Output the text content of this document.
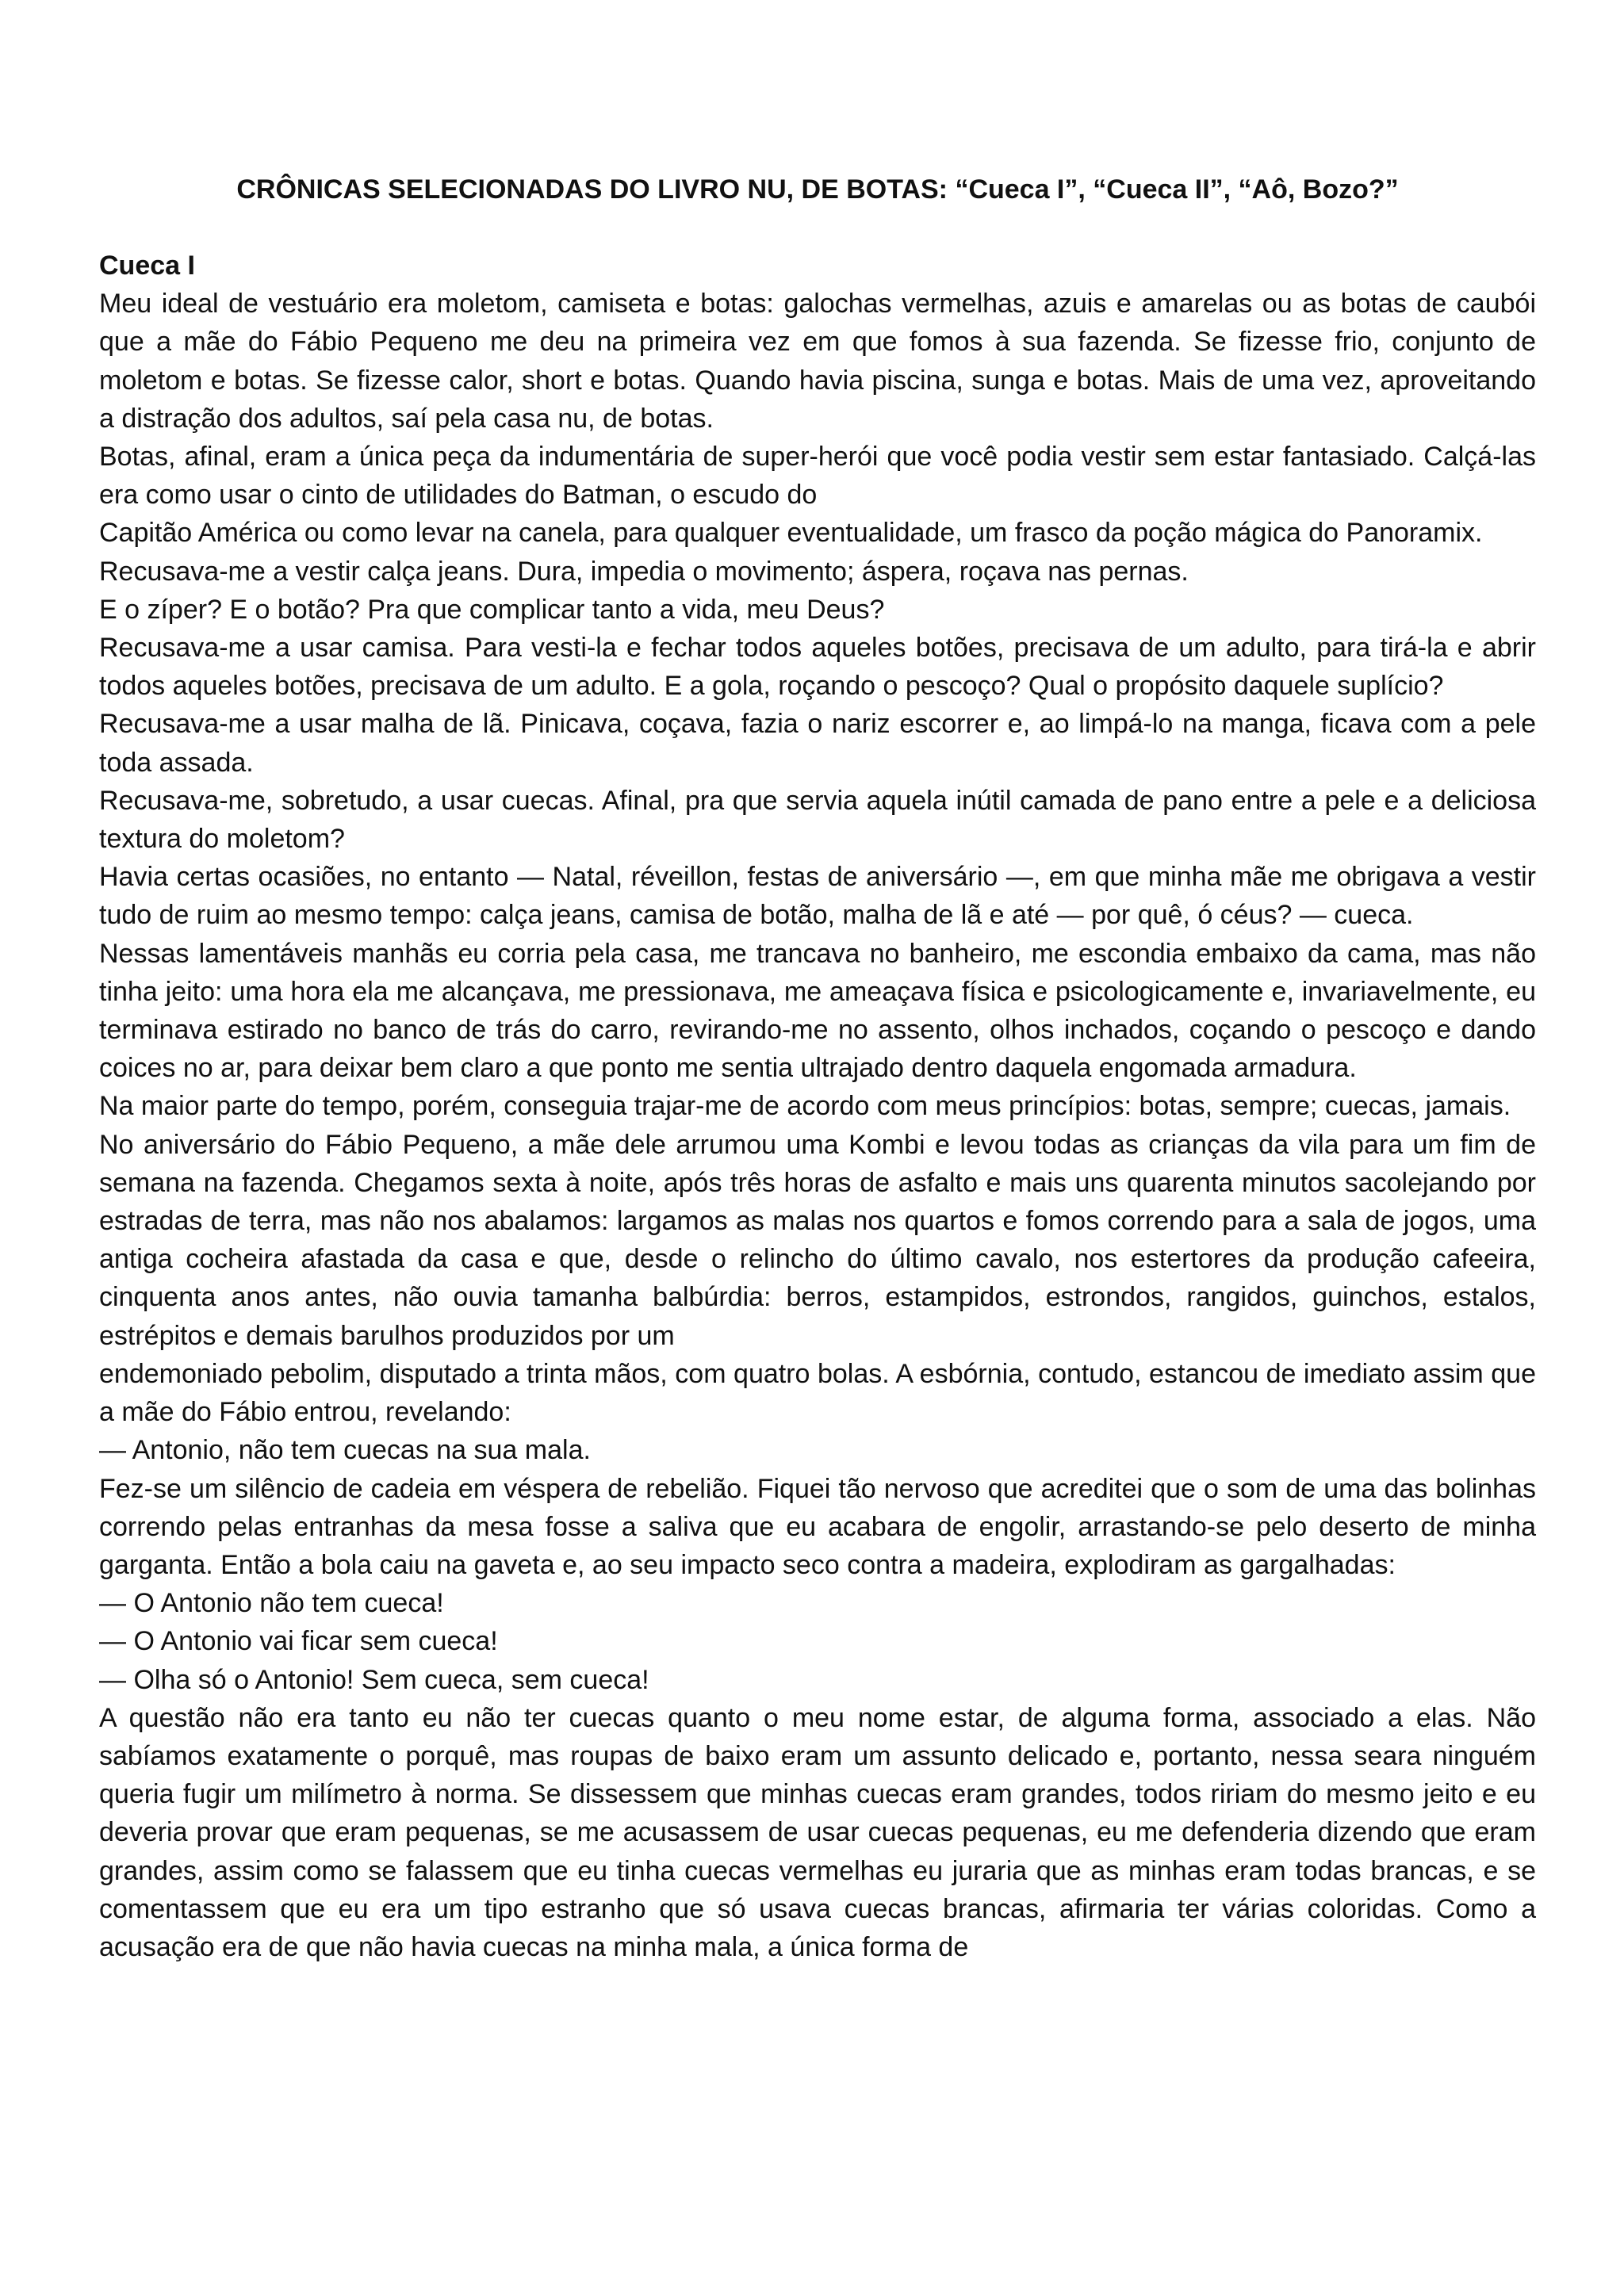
CRÔNICAS SELECIONADAS DO LIVRO NU, DE BOTAS: “Cueca I”, “Cueca II”, “Aô, Bozo?”

Cueca I

Meu ideal de vestuário era moletom, camiseta e botas: galochas vermelhas, azuis e amarelas ou as botas de caubói que a mãe do Fábio Pequeno me deu na primeira vez em que fomos à sua fazenda. Se fizesse frio, conjunto de moletom e botas. Se fizesse calor, short e botas. Quando havia piscina, sunga e botas. Mais de uma vez, aproveitando a distração dos adultos, saí pela casa nu, de botas.

Botas, afinal, eram a única peça da indumentária de super-herói que você podia vestir sem estar fantasiado. Calçá-las era como usar o cinto de utilidades do Batman, o escudo do

Capitão América ou como levar na canela, para qualquer eventualidade, um frasco da poção mágica do Panoramix.

Recusava-me a vestir calça jeans. Dura, impedia o movimento; áspera, roçava nas pernas.

E o zíper? E o botão? Pra que complicar tanto a vida, meu Deus?

Recusava-me a usar camisa. Para vesti-la e fechar todos aqueles botões, precisava de um adulto, para tirá-la e abrir todos aqueles botões, precisava de um adulto. E a gola, roçando o pescoço? Qual o propósito daquele suplício?

Recusava-me a usar malha de lã. Pinicava, coçava, fazia o nariz escorrer e, ao limpá-lo na manga, ficava com a pele toda assada.

Recusava-me, sobretudo, a usar cuecas. Afinal, pra que servia aquela inútil camada de pano entre a pele e a deliciosa textura do moletom?

Havia certas ocasiões, no entanto — Natal, réveillon, festas de aniversário —, em que minha mãe me obrigava a vestir tudo de ruim ao mesmo tempo: calça jeans, camisa de botão, malha de lã e até — por quê, ó céus? — cueca.

Nessas lamentáveis manhãs eu corria pela casa, me trancava no banheiro, me escondia embaixo da cama, mas não tinha jeito: uma hora ela me alcançava, me pressionava, me ameaçava física e psicologicamente e, invariavelmente, eu terminava estirado no banco de trás do carro, revirando-me no assento, olhos inchados, coçando o pescoço e dando coices no ar, para deixar bem claro a que ponto me sentia ultrajado dentro daquela engomada armadura.

Na maior parte do tempo, porém, conseguia trajar-me de acordo com meus princípios: botas, sempre; cuecas, jamais.

No aniversário do Fábio Pequeno, a mãe dele arrumou uma Kombi e levou todas as crianças da vila para um fim de semana na fazenda. Chegamos sexta à noite, após três horas de asfalto e mais uns quarenta minutos sacolejando por estradas de terra, mas não nos abalamos: largamos as malas nos quartos e fomos correndo para a sala de jogos, uma antiga cocheira afastada da casa e que, desde o relincho do último cavalo, nos estertores da produção cafeeira, cinquenta anos antes, não ouvia tamanha balbúrdia: berros, estampidos, estrondos, rangidos, guinchos, estalos, estrépitos e demais barulhos produzidos por um

endemoniado pebolim, disputado a trinta mãos, com quatro bolas. A esbórnia, contudo, estancou de imediato assim que a mãe do Fábio entrou, revelando:

— Antonio, não tem cuecas na sua mala.

Fez-se um silêncio de cadeia em véspera de rebelião. Fiquei tão nervoso que acreditei que o som de uma das bolinhas correndo pelas entranhas da mesa fosse a saliva que eu acabara de engolir, arrastando-se pelo deserto de minha garganta. Então a bola caiu na gaveta e, ao seu impacto seco contra a madeira, explodiram as gargalhadas:

— O Antonio não tem cueca!

— O Antonio vai ficar sem cueca!

— Olha só o Antonio! Sem cueca, sem cueca!

A questão não era tanto eu não ter cuecas quanto o meu nome estar, de alguma forma, associado a elas. Não sabíamos exatamente o porquê, mas roupas de baixo eram um assunto delicado e, portanto, nessa seara ninguém queria fugir um milímetro à norma. Se dissessem que minhas cuecas eram grandes, todos ririam do mesmo jeito e eu deveria provar que eram pequenas, se me acusassem de usar cuecas pequenas, eu me defenderia dizendo que eram grandes, assim como se falassem que eu tinha cuecas vermelhas eu juraria que as minhas eram todas brancas, e se comentassem que eu era um tipo estranho que só usava cuecas brancas, afirmaria ter várias coloridas. Como a acusação era de que não havia cuecas na minha mala, a única forma de
